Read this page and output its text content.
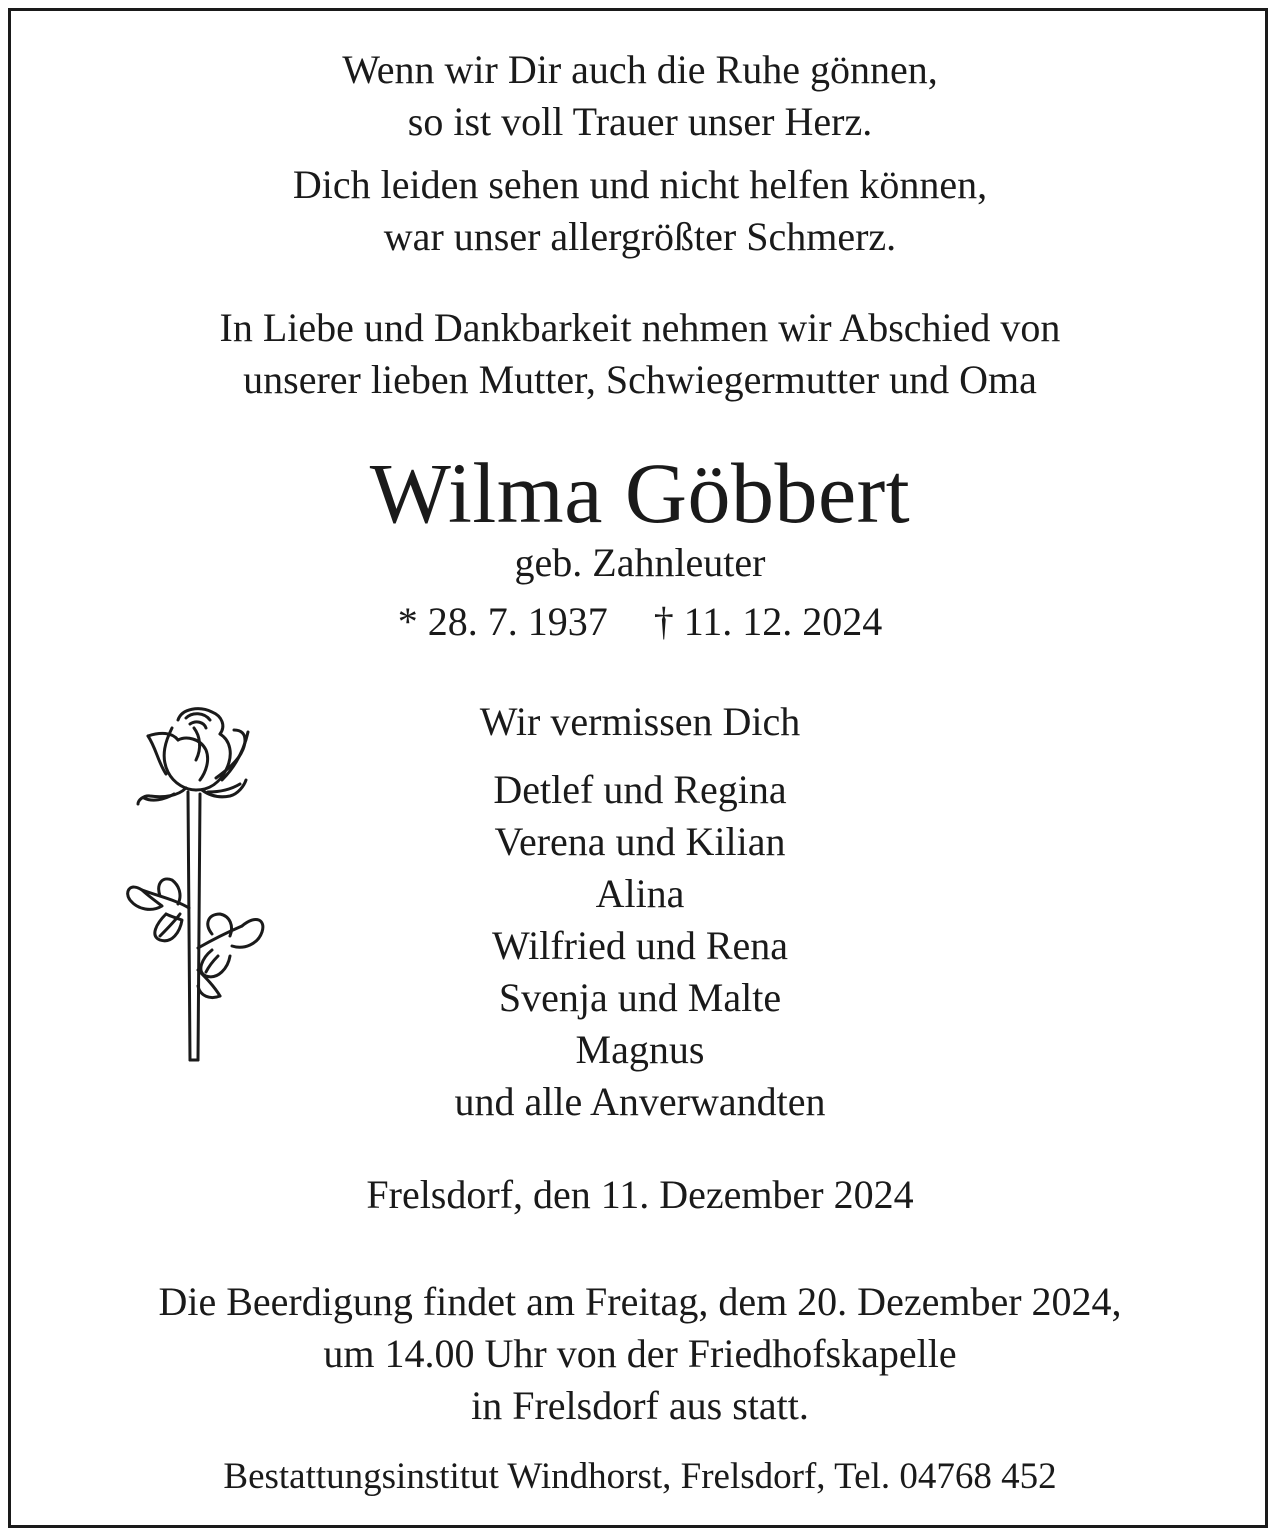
Wenn wir Dir auch die Ruhe gönnen,
so ist voll Trauer unser Herz.
Dich leiden sehen und nicht helfen können,
war unser allergrößter Schmerz.
In Liebe und Dankbarkeit nehmen wir Abschied von
unserer lieben Mutter, Schwiegermutter und Oma
Wilma Göbbert
geb. Zahnleuter
* 28. 7. 1937 † 11. 12. 2024
Wir vermissen Dich
Detlef und Regina
Verena und Kilian
Alina
Wilfried und Rena
Svenja und Malte
Magnus
und alle Anverwandten
Frelsdorf, den 11. Dezember 2024
Die Beerdigung findet am Freitag, dem 20. Dezember 2024,
um 14.00 Uhr von der Friedhofskapelle
in Frelsdorf aus statt.
Bestattungsinstitut Windhorst, Frelsdorf, Tel. 04768 452
